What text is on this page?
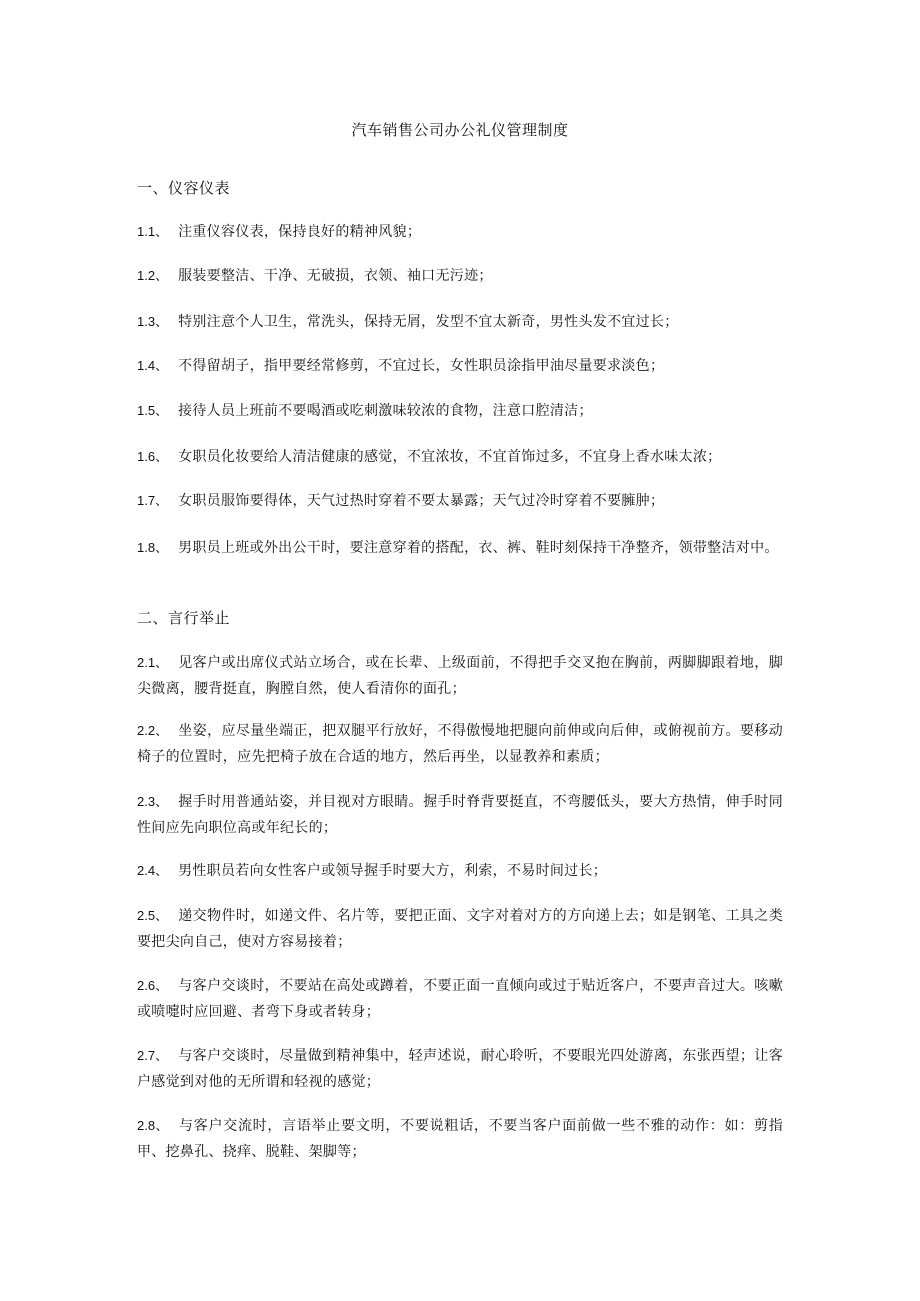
汽车销售公司办公礼仪管理制度
一、仪容仪表
1.1、 注重仪容仪表，保持良好的精神风貌；
1.2、 服装要整洁、干净、无破损，衣领、袖口无污迹；
1.3、 特别注意个人卫生，常洗头，保持无屑，发型不宜太新奇，男性头发不宜过长；
1.4、 不得留胡子，指甲要经常修剪，不宜过长，女性职员涂指甲油尽量要求淡色；
1.5、 接待人员上班前不要喝酒或吃刺激味较浓的食物，注意口腔清洁；
1.6、 女职员化妆要给人清洁健康的感觉，不宜浓妆，不宜首饰过多，不宜身上香水味太浓；
1.7、 女职员服饰要得体，天气过热时穿着不要太暴露；天气过冷时穿着不要臃肿；
1.8、 男职员上班或外出公干时，要注意穿着的搭配，衣、裤、鞋时刻保持干净整齐，领带整洁对中。
二、言行举止
2.1、 见客户或出席仪式站立场合，或在长辈、上级面前，不得把手交叉抱在胸前，两脚脚跟着地，脚尖微离，腰背挺直，胸膛自然，使人看清你的面孔；
2.2、 坐姿，应尽量坐端正，把双腿平行放好，不得傲慢地把腿向前伸或向后伸，或俯视前方。要移动椅子的位置时，应先把椅子放在合适的地方，然后再坐，以显教养和素质；
2.3、 握手时用普通站姿，并目视对方眼睛。握手时脊背要挺直，不弯腰低头，要大方热情，伸手时同性间应先向职位高或年纪长的；
2.4、 男性职员若向女性客户或领导握手时要大方，利索，不易时间过长；
2.5、 递交物件时，如递文件、名片等，要把正面、文字对着对方的方向递上去；如是钢笔、工具之类要把尖向自己，使对方容易接着；
2.6、 与客户交谈时，不要站在高处或蹲着，不要正面一直倾向或过于贴近客户，不要声音过大。咳嗽或喷嚏时应回避、者弯下身或者转身；
2.7、 与客户交谈时，尽量做到精神集中，轻声述说，耐心聆听，不要眼光四处游离，东张西望；让客户感觉到对他的无所谓和轻视的感觉；
2.8、 与客户交流时，言语举止要文明，不要说粗话，不要当客户面前做一些不雅的动作：如：剪指甲、挖鼻孔、挠痒、脱鞋、架脚等；
